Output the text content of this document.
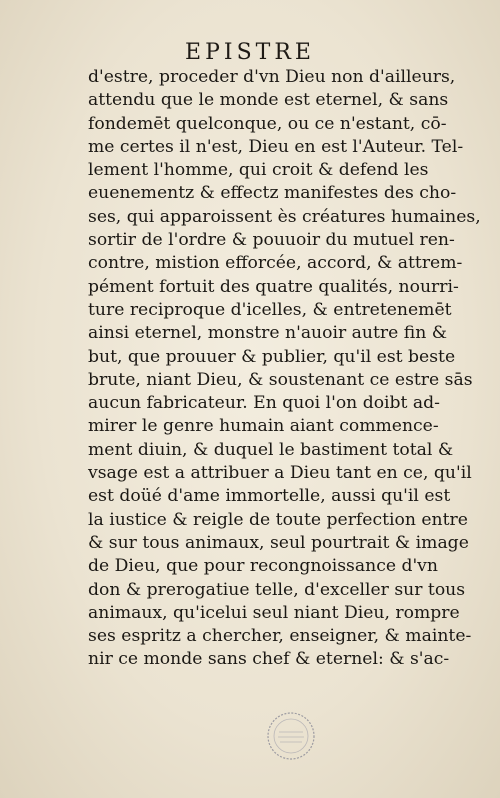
EPISTRE
d'estre, proceder d'vn Dieu non d'ailleurs,
attendu que le monde est eternel, & sans
fondemēt quelconque, ou ce n'estant, cō-
me certes il n'est, Dieu en est l'Auteur. Tel-
lement l'homme, qui croit & defend les
euenementz & effectz manifestes des cho-
ses, qui apparoissent ès créatures humaines,
sortir de l'ordre & pouuoir du mutuel ren-
contre, mistion efforcée, accord, & attrem-
pément fortuit des quatre qualités, nourri-
ture reciproque d'icelles, & entretenemēt
ainsi eternel, monstre n'auoir autre fin &
but, que prouuer & publier, qu'il est beste
brute, niant Dieu, & soustenant ce estre sās
aucun fabricateur. En quoi l'on doibt ad-
mirer le genre humain aiant commence-
ment diuin, & duquel le bastiment total &
vsage est a attribuer a Dieu tant en ce, qu'il
est doüé d'ame immortelle, aussi qu'il est
la iustice & reigle de toute perfection entre
& sur tous animaux, seul pourtrait & image
de Dieu, que pour recongnoissance d'vn
don & prerogatiue telle, d'exceller sur tous
animaux, qu'icelui seul niant Dieu, rompre
ses espritz a chercher, enseigner, & mainte-
nir ce monde sans chef & eternel: & s'ac-
